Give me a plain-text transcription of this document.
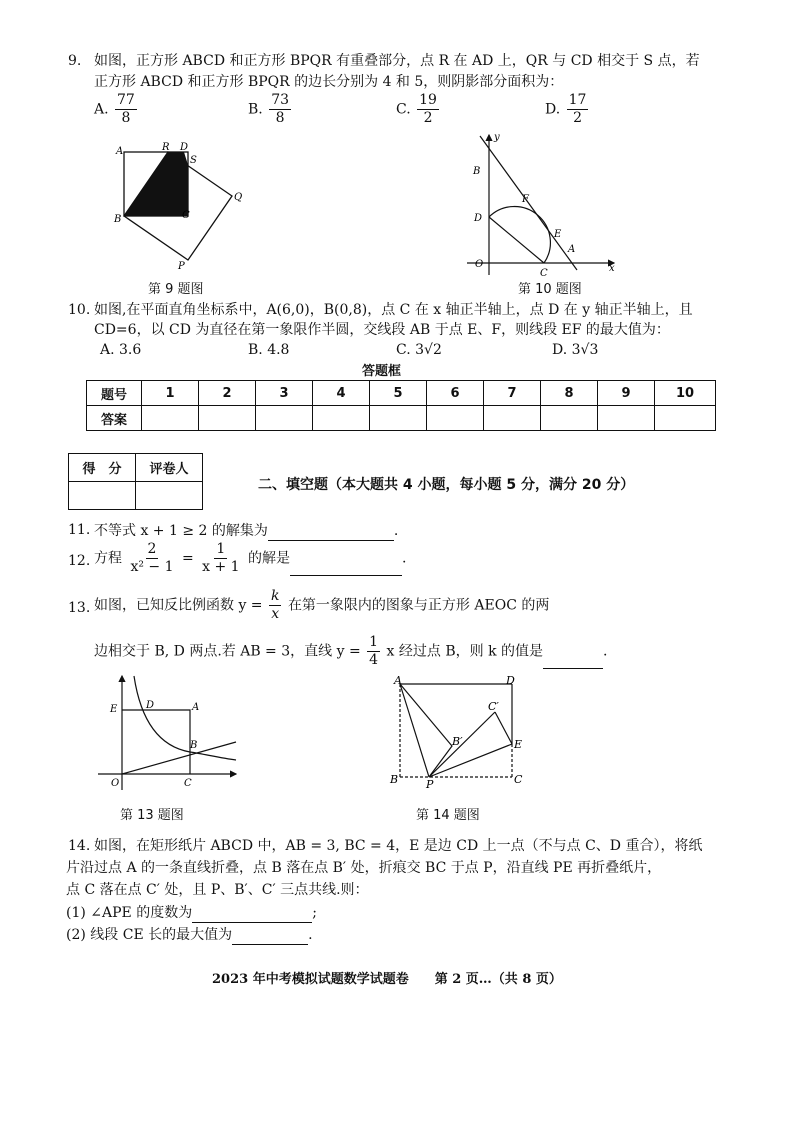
9. 如图，正方形 ABCD 和正方形 BPQR 有重叠部分，点 R 在 AD 上，QR 与 CD 相交于 S 点，若
正方形 ABCD 和正方形 BPQR 的边长分别为 4 和 5，则阴影部分面积为：
A. $\frac{77}{8}$	B. $\frac{73}{8}$	C. $\frac{19}{2}$	D. $\frac{17}{2}$
A	R D
S
Q
B	C
P
第 9 题图
y
B
F
D
E
A
O
C	x
第 10 题图
10. 如图,在平面直角坐标系中，A(6,0)，B(0,8)，点 C 在 x 轴正半轴上，点 D 在 y 轴正半轴上，且
CD=6，以 CD 为直径在第一象限作半圆，交线段 AB 于点 E、F，则线段 EF 的最大值为：
A. 3.6	B. 4.8	C. 3√2	D. 3√3
答题框
题号	1	2	3	4	5	6	7	8	9	10
答案										
得　分	评卷人

二、填空题（本大题共 4 小题，每小题 5 分，满分 20 分）
11. 不等式 x + 1 ≥ 2 的解集为	.
12. 方程 $\frac{2}{\text{x² − 1}} = \frac{1}{x + 1}$ 的解是	.
13. 如图，已知反比例函数 $y = \frac{k}{x}$ 在第一象限内的图象与正方形 AEOC 的两
边相交于 B, D 两点.若 AB = 3，直线 $y = \frac{1}{4}$ x 经过点 B，则 k 的值是	.
E	D	A
B
O	C
第 13 题图
A	D
C′
B′	E
B	P	C
第 14 题图
14. 如图，在矩形纸片 ABCD 中，AB = 3, BC = 4，E 是边 CD 上一点（不与点 C、D 重合），将纸
片沿过点 A 的一条直线折叠，点 B 落在点 B′ 处，折痕交 BC 于点 P，沿直线 PE 再折叠纸片，
点 C 落在点 C′ 处，且 P、B′、C′ 三点共线.则：
(1) ∠APE 的度数为	;
(2) 线段 CE 长的最大值为	.
2023 年中考模拟试题数学试题卷　　第 2 页…（共 8 页）
